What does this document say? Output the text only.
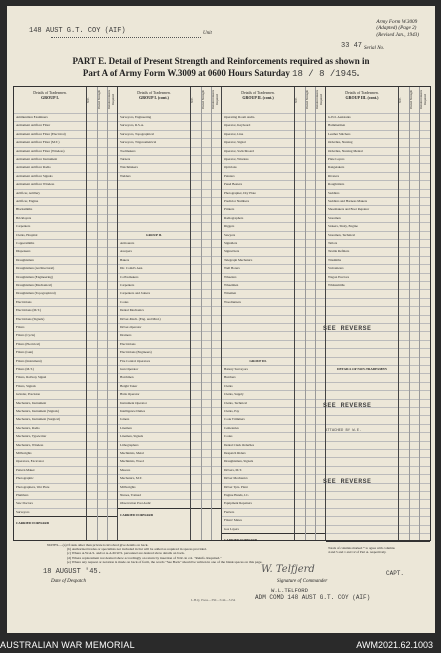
148 AUST G.T. COY (AIF)	Unit
Army Form W.3009
(Adapted) (Page 2)
(Revised Jan., 1943)
33 47 Serial No.
PART E. Detail of Present Strength and Reinforcements required as shown in
Part A of Army Form W.3009 at 0600 Hours Saturday 18 / 8 /1945.
Details of Tradesmen.
GROUP I.	W.E.	Posted Strength	Reinforcements Required
Ammunition Examiners
Armament Artificer Fitter
Armament Artificer Fitter (Electrical)
Armament Artificer Fitter (M.T.)
Armament Artificer Fitter (Wireless)
Armament Artificer Instrument
Armament Artificer Radio
Armament Artificer Signals
Armament Artificer Wireless
Artificer, Artillery
Artificer, Engine
Blacksmiths
Bricklayers
Carpenters
Clerks, Hospital
Coppersmiths
Dispensers
Draughtsmen
Draughtsmen (Architectural)
Draughtsmen (Engineering)
Draughtsmen (Mechanical)
Draughtsmen (Topographical)
Electricians
Electricians (M.T.)
Electricians (Signals)
Fitters
Fitters (Cycle)
Fitters (Electrical)
Fitters (Gun)
Fitters (Instrument)
Fitters (M.T.)
Fitters, Railway Signal
Fitters, Signals
Grinder, Precision
Mechanics, Instrument
Mechanics, Instrument (Signals)
Mechanics, Instrument (Surgical)
Mechanics, Radio
Mechanics, Typewriter
Mechanics, Wireless
Millwrights
Operators, Excavator
Pattern Maker
Photographic
Photographers, Wet Plate
Plumbers
Saw Doctors
Surveyors
CARRIED FORWARD
Details of Tradesmen.
GROUP I. (cont.)	W.E.	Posted Strength	Reinforcements Required
Surveyors, Engineering
Surveyors, R.S.A.
Surveyors, Topographical
Surveyors, Trigonometrical
Toolmakers
Turners
Watchmakers
Welders
GROUP II.
Armourers
Assayers
Bakers
Dtr. Comd's Asst.
Coll'ssmakers
Carpenters
Carpenters and Joiners
Cooks
Dental Mechanics
Driver-Mech. (Eng. and Mnd.)
Driver-Operator
Drainers
Electricians
Electricians (Engineers)
Fire Control Operators
Gun Operator
Hatchmen
Height Taker
Hsila Operator
Instrument Operator
Intelligence Duties
Joiners
Linemen
Linemen, Signals
Lithographers
Machinists, Metal
Machinists, Wood
Masons
Mechanics, M.T.
Millwrights
Nurses, Trained
Observation Post Asdic
CARRIED FORWARD
Details of Tradesmen.
GROUP II. (cont.)	W.E.	Posted Strength	Reinforcements Required
Operating Room Asdts.
Operator, Keyboard
Operator, Line
Operator, Signal
Operator, Switchboard
Operator, Wireless
Opticians
Painters
Panel Beaters
Photographer, Dry Plate
Predictor Numbers
Printers
Radiographers
Riggers
Sawyers
Signallers
Signwriters
Telegraph Mechanics
Well Borers
Wheelers
Wheelmen
Wiremen
Woodturners
GROUP III.
Battery Surveyors
Butchers
Clerks
Clerks, Supply
Clerks, Technical
Clerks, Pay
Cook Trimmers
Cemeteries
Cooks
Dental Clerk Orderlies
Despatch Riders
Draughtsmen, Signals
Drivers, M.T.
Driver Mechanics
Driver Tpts. Plant
Engine Hands, I.C.
Equipment Repairers
Farriers
Fitters' Mates
Gas Layers
CARRIED FORWARD
Details of Tradesmen.
GROUP III. (cont.)	W.E.	Posted Strength	Reinforcements Required
G.P.O. Assistants
Hammermen
Leather Stitchers
Orderlies, Nursing
Orderlies, Nursing Mental
Plate Layers
Rangetakers
Riveters
Roughriders
Saddlers
Saddlers and Harness Makers
Shoemakers and Boot Repairer
Storemen
Stokers, Shaly, Engine
Storemen, Technical
Tailors
Textile Refitters
Tinsmiths
Vulcanizers
Wagon Erectors
Whitesmiths
DETAILS OF NON-TRADESMEN
Totals of columns marked * to agree with columns 4 and 5 and 1 and 12 of Part A. respectively.
SEE REVERSE
SEE REVERSE
SEE REVERSE
ATTACHED BY W.E.
NOTES.—(a) If rank other than private is involved give details on back.
(b) Authorized trades or specialists not included in list will be added as required in spaces provided.
(c) Where A.W.A.S. and/or A.A.M.W.S. personnel are desired show details on back.
(d) Where replacement not desired show accordingly on return by insertion of N.R. in col. "Reinfs. Required."
(e) Where any request or notation is made on back of form, the words "See Back" should be written in one of the blank spaces on this page.
18 AUGUST '45.
Date of Despatch
W. Telfjerd	CAPT.
Signature of Commander
W.L.TELFORD
ADM COMD 148 AUST G.T. COY (AIF)
L.H.Q. Press—350—5/44—5154
AUSTRALIAN WAR MEMORIAL	AWM2021.62.1003
